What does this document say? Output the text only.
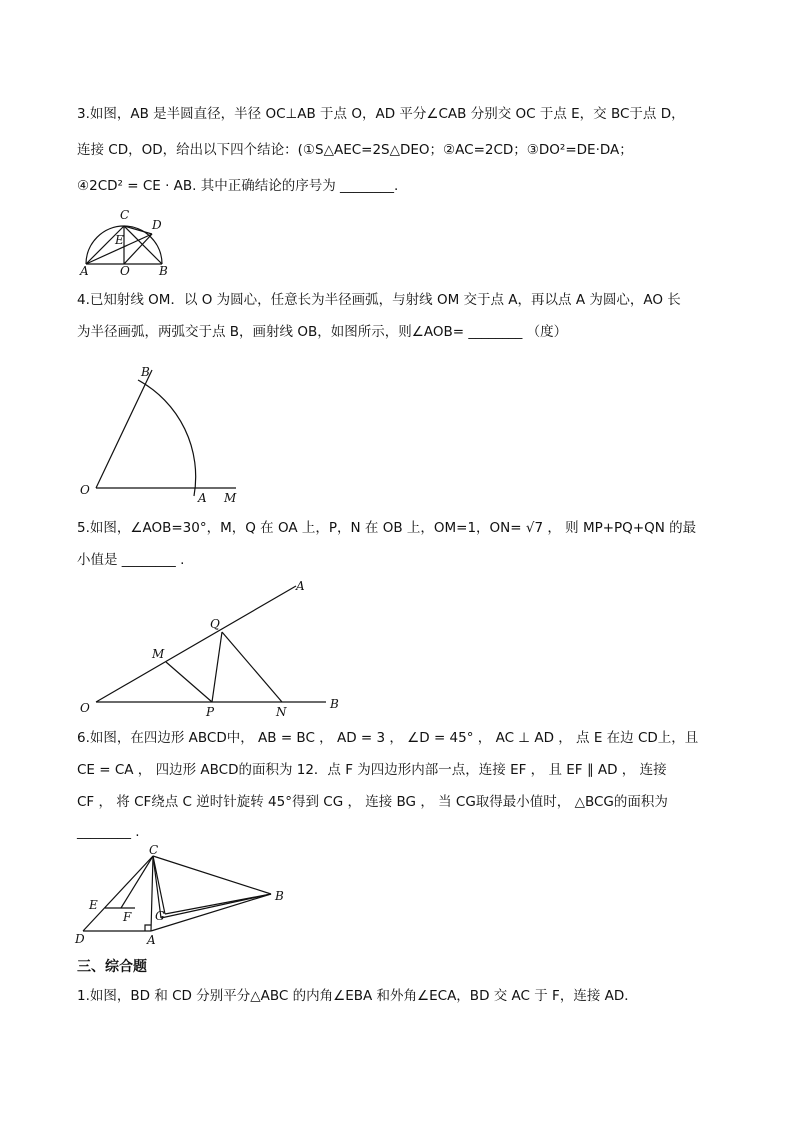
3.如图，AB 是半圆直径，半径 OC⊥AB 于点 O，AD 平分∠CAB 分别交 OC 于点 E，交 BC于点 D，
连接 CD，OD，给出以下四个结论：(①S△AEC=2S△DEO；②AC=2CD；③DO²=DE·DA；
④2CD² = CE · AB. 其中正确结论的序号为 ________.
C
D
E
A	O B
4.已知射线 OM．以 O 为圆心，任意长为半径画弧，与射线 OM 交于点 A，再以点 A 为圆心，AO 长
为半径画弧，两弧交于点 B，画射线 OB，如图所示，则∠AOB= ________ （度）
B
O
A M
5.如图，∠AOB=30°，M，Q 在 OA 上，P，N 在 OB 上，OM=1，ON= √7 ， 则 MP+PQ+QN 的最
小值是 ________ .
A
Q
M
O	P	N
B
6.如图，在四边形 ABCD中， AB = BC ， AD = 3 ， ∠D = 45° ， AC ⊥ AD ， 点 E 在边 CD上，且
CE = CA ， 四边形 ABCD的面积为 12．点 F 为四边形内部一点，连接 EF ， 且 EF ∥ AD ， 连接
CF ， 将 CF绕点 C 逆时针旋转 45°得到 CG ， 连接 BG ， 当 CG取得最小值时， △BCG的面积为
________ .
C
E
F G
B
D	A
三、综合题
1.如图，BD 和 CD 分别平分△ABC 的内角∠EBA 和外角∠ECA，BD 交 AC 于 F，连接 AD．
